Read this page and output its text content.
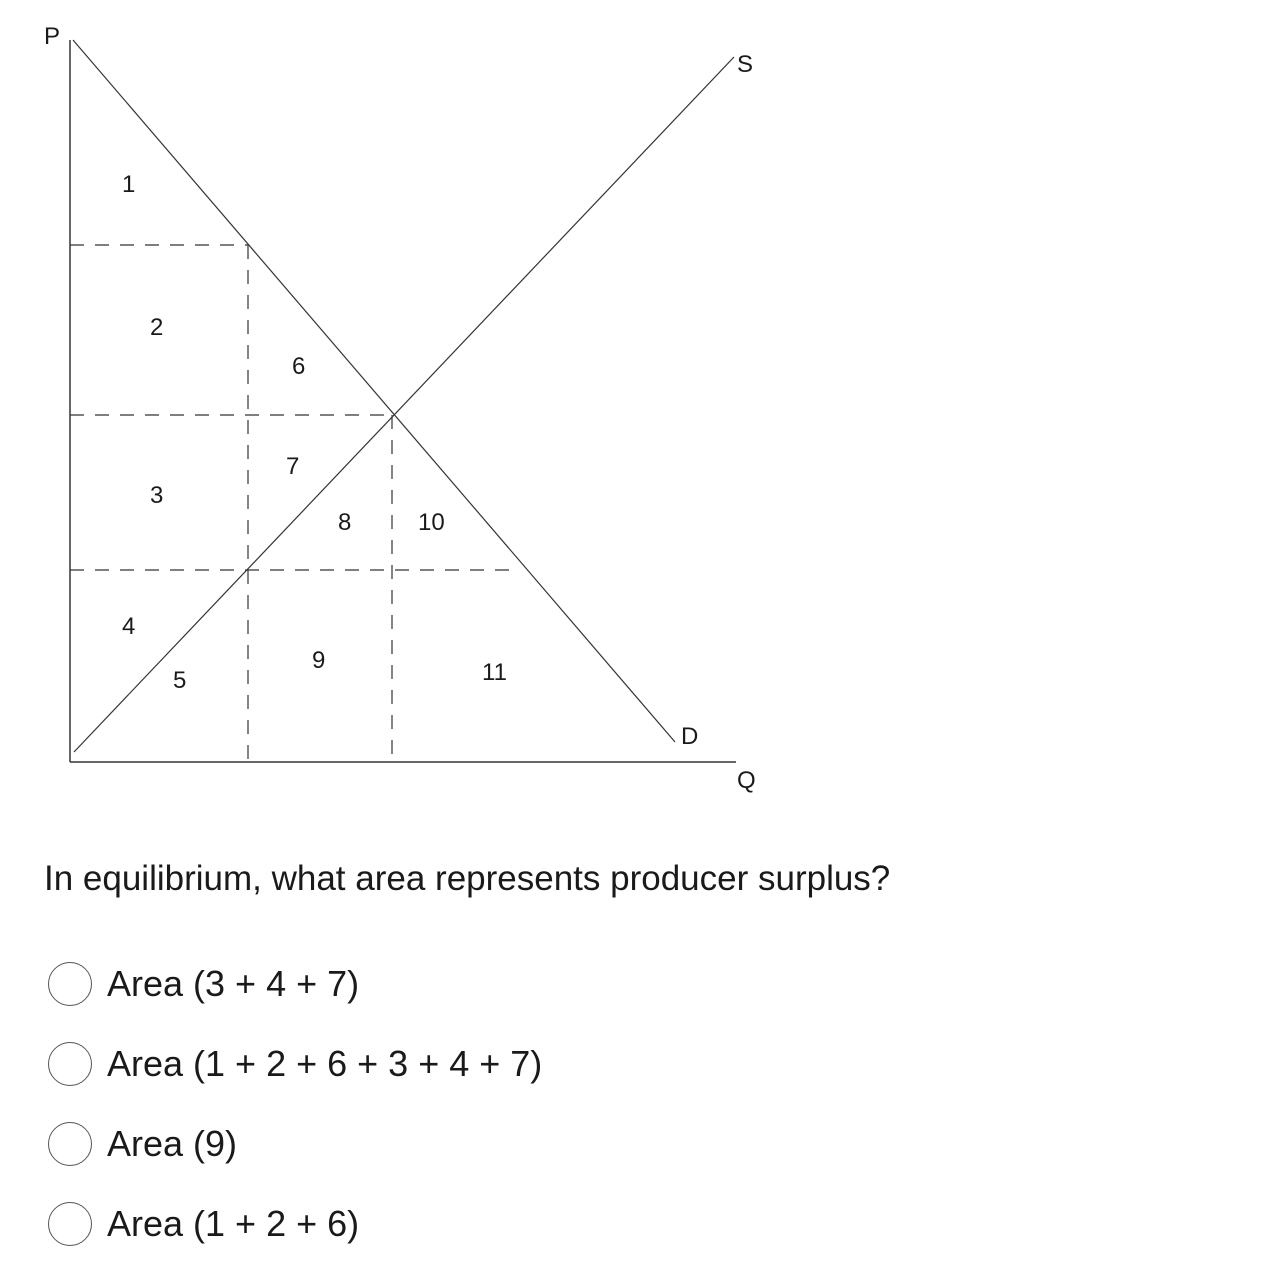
P
Q
S
D
1
2
3
4
5
6
7
8
9
10
11

In equilibrium, what area represents producer surplus?

Area (3 + 4 + 7)
Area (1 + 2 + 6 + 3 + 4 + 7)
Area (9)
Area (1 + 2 + 6)
